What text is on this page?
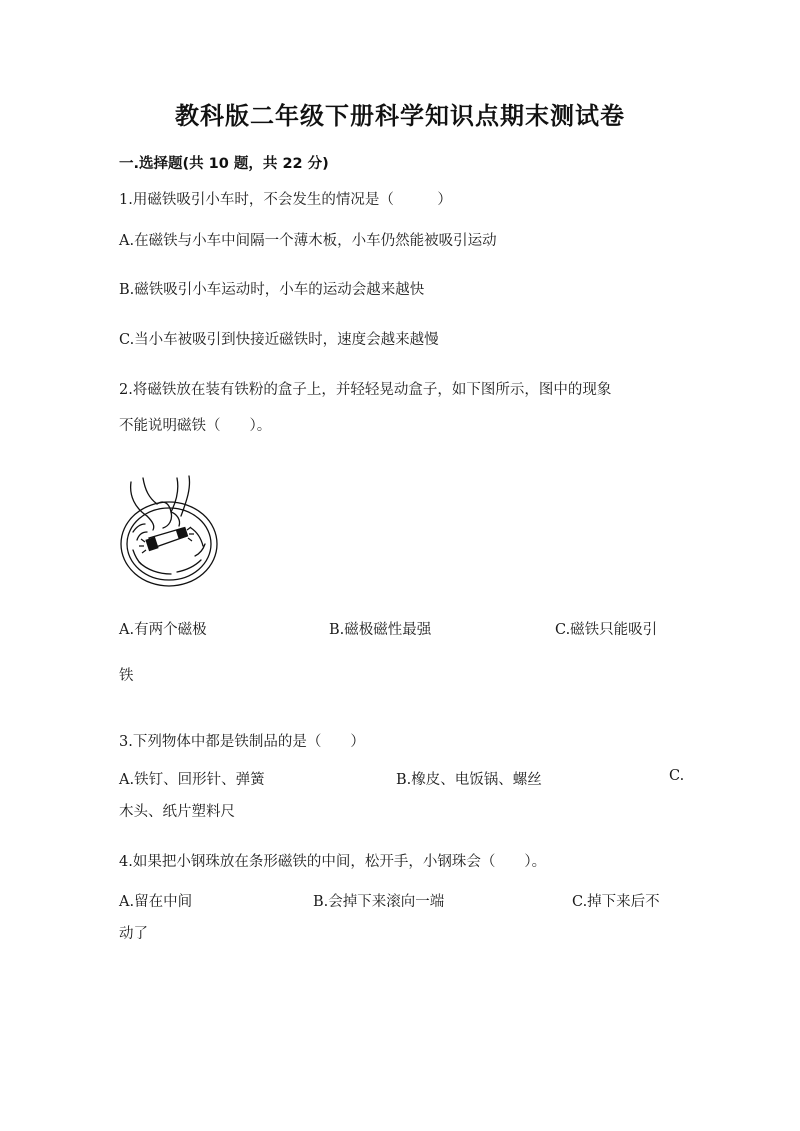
教科版二年级下册科学知识点期末测试卷
一.选择题(共 10 题，共 22 分)
1.用磁铁吸引小车时，不会发生的情况是（　　　）
A.在磁铁与小车中间隔一个薄木板，小车仍然能被吸引运动
B.磁铁吸引小车运动时，小车的运动会越来越快
C.当小车被吸引到快接近磁铁时，速度会越来越慢
2.将磁铁放在装有铁粉的盒子上，并轻轻晃动盒子，如下图所示，图中的现象
不能说明磁铁（　　）。
A.有两个磁极	B.磁极磁性最强	C.磁铁只能吸引
铁
3.下列物体中都是铁制品的是（　　）
A.铁钉、回形针、弹簧	B.橡皮、电饭锅、螺丝	C.
木头、纸片塑料尺
4.如果把小钢珠放在条形磁铁的中间，松开手，小钢珠会（　　）。
A.留在中间	B.会掉下来滚向一端	C.掉下来后不
动了
